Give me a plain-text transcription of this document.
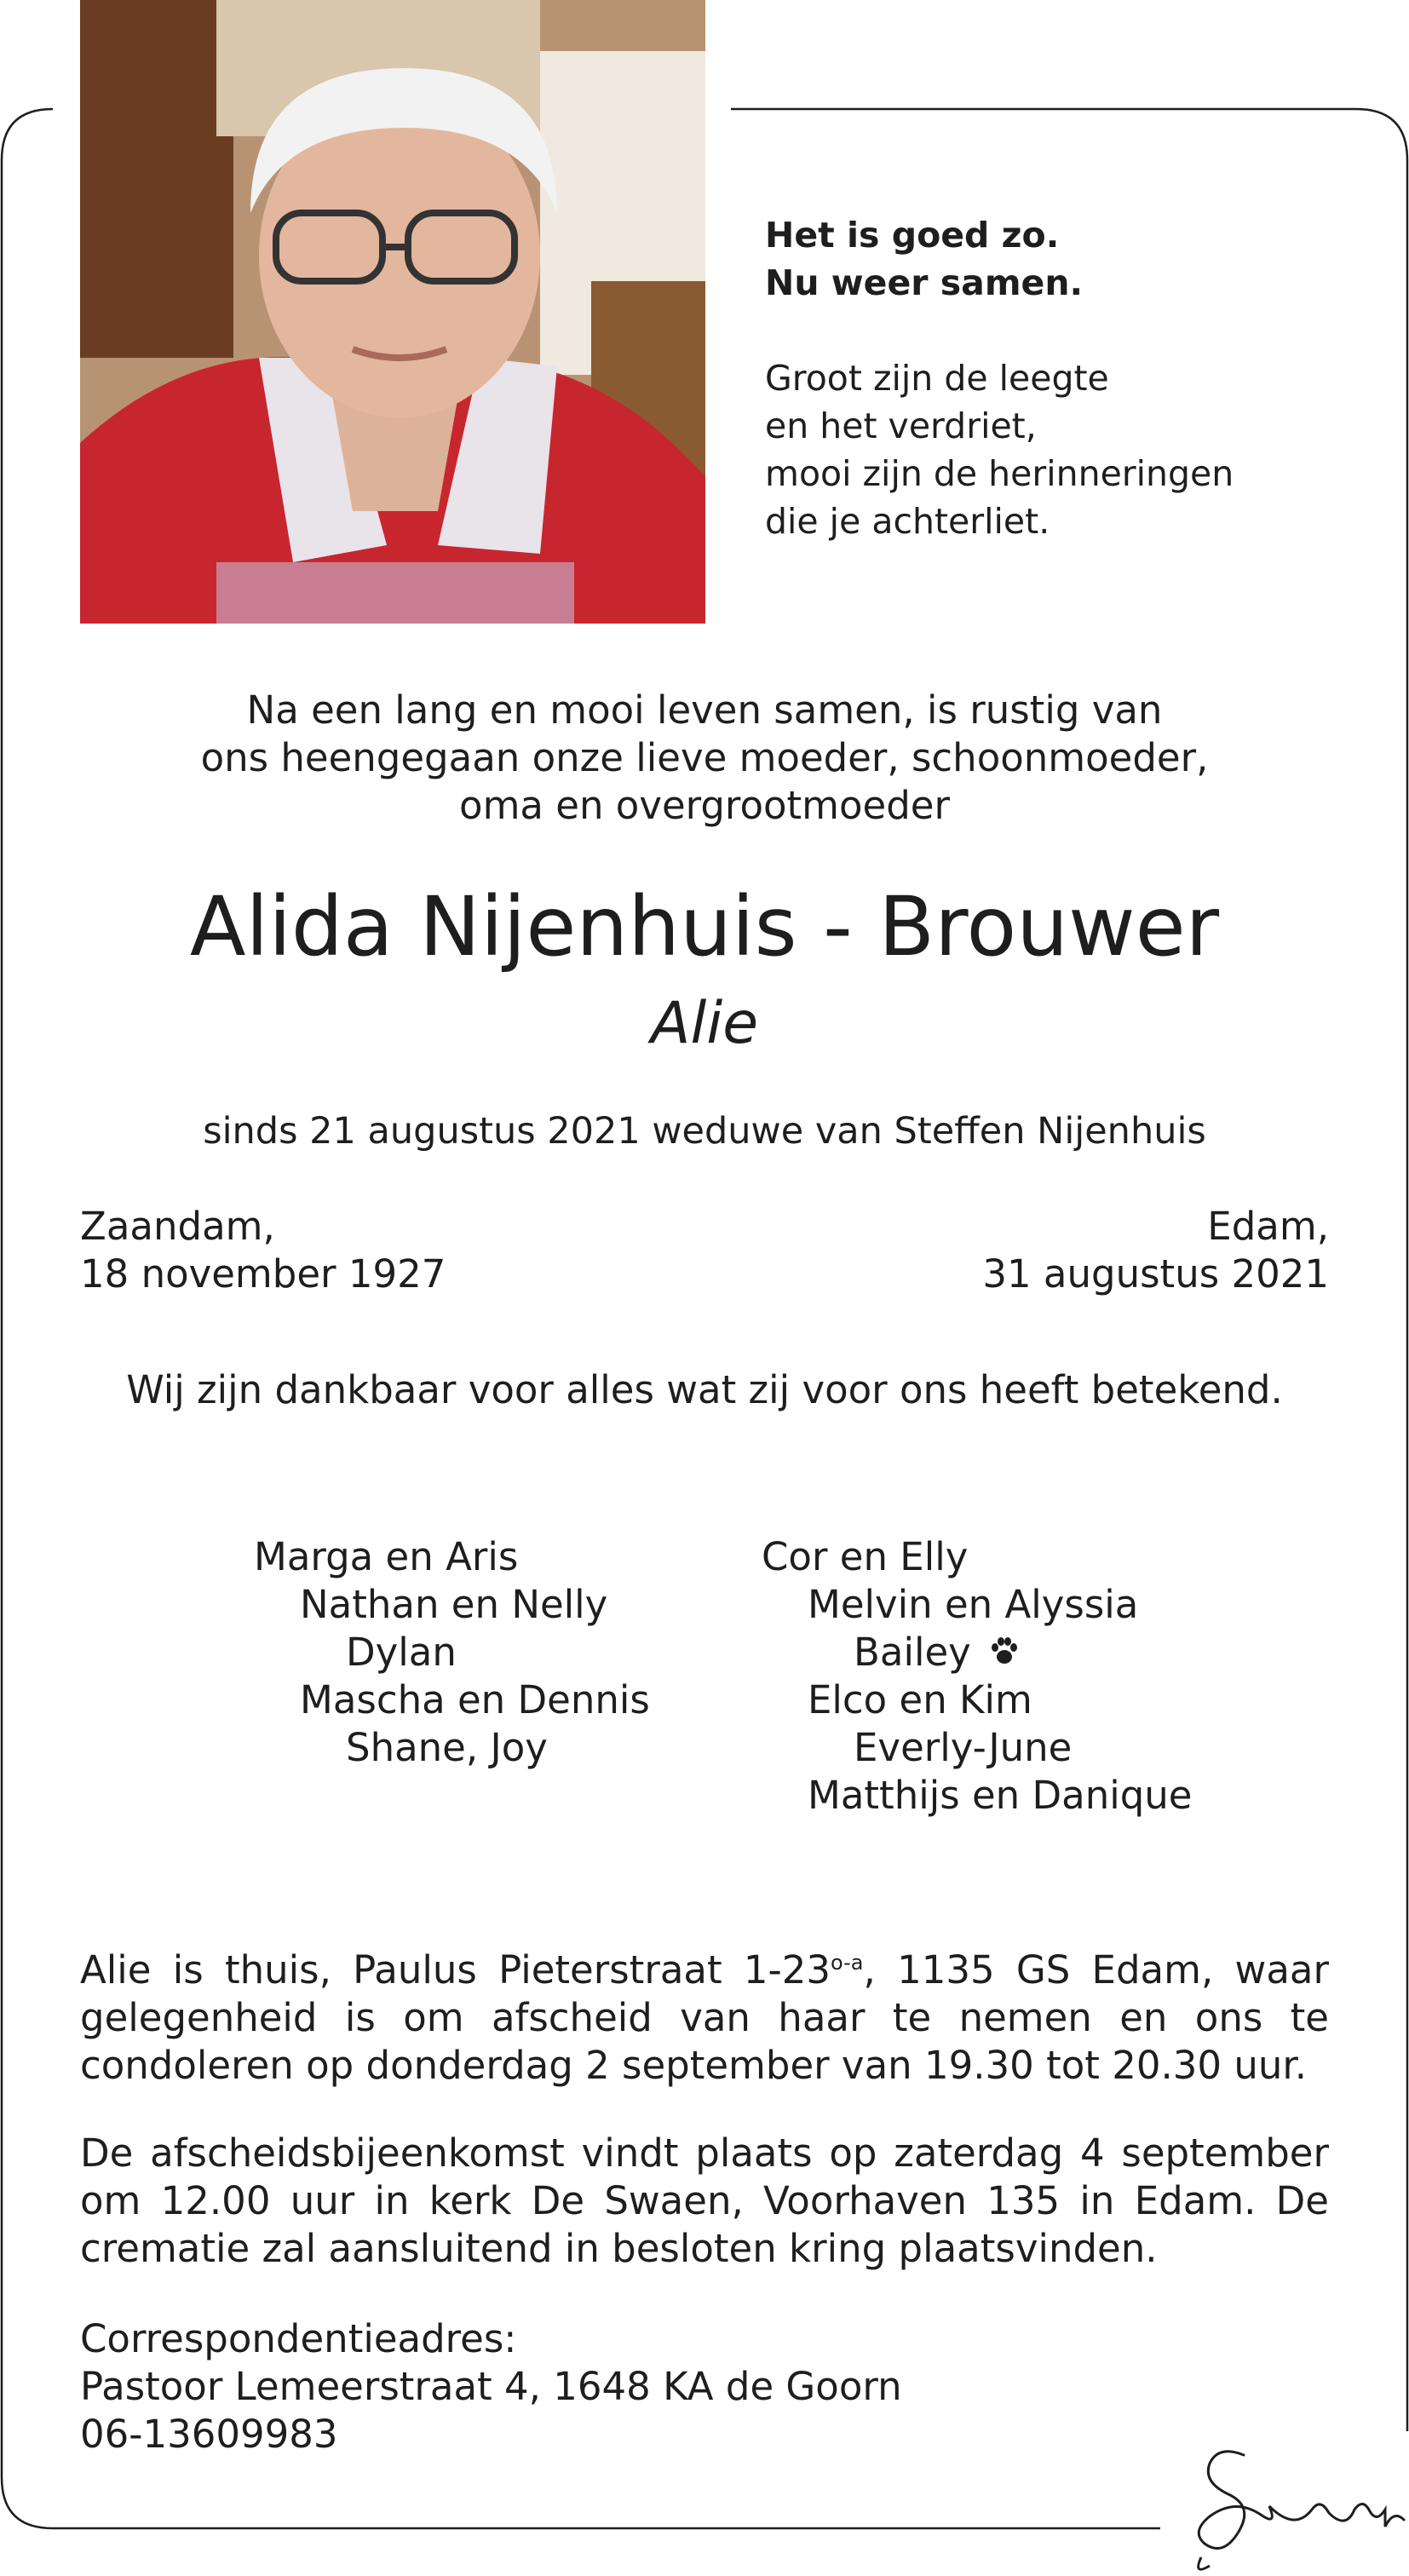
Het is goed zo.
Nu weer samen.
Groot zijn de leegte
en het verdriet,
mooi zijn de herinneringen
die je achterliet.
Na een lang en mooi leven samen, is rustig van
ons heengegaan onze lieve moeder, schoonmoeder,
oma en overgrootmoeder
Alida Nijenhuis - Brouwer
Alie
sinds 21 augustus 2021 weduwe van Steffen Nijenhuis
Zaandam,
18 november 1927
Edam,
31 augustus 2021
Wij zijn dankbaar voor alles wat zij voor ons heeft betekend.
Marga en Aris
Nathan en Nelly
Dylan
Mascha en Dennis
Shane, Joy
Cor en Elly
Melvin en Alyssia
Bailey
Elco en Kim
Everly-June
Matthijs en Danique
Alie is thuis, Paulus Pieterstraat 1-23$^{o-a}$, 1135 GS Edam, waar gelegenheid is om afscheid van haar te nemen en ons te condoleren op donderdag 2 september van 19.30 tot 20.30 uur.
De afscheidsbijeenkomst vindt plaats op zaterdag 4 september om 12.00 uur in kerk De Swaen, Voorhaven 135 in Edam. De crematie zal aansluitend in besloten kring plaatsvinden.
Correspondentieadres:
Pastoor Lemeerstraat 4, 1648 KA de Goorn
06-13609983
